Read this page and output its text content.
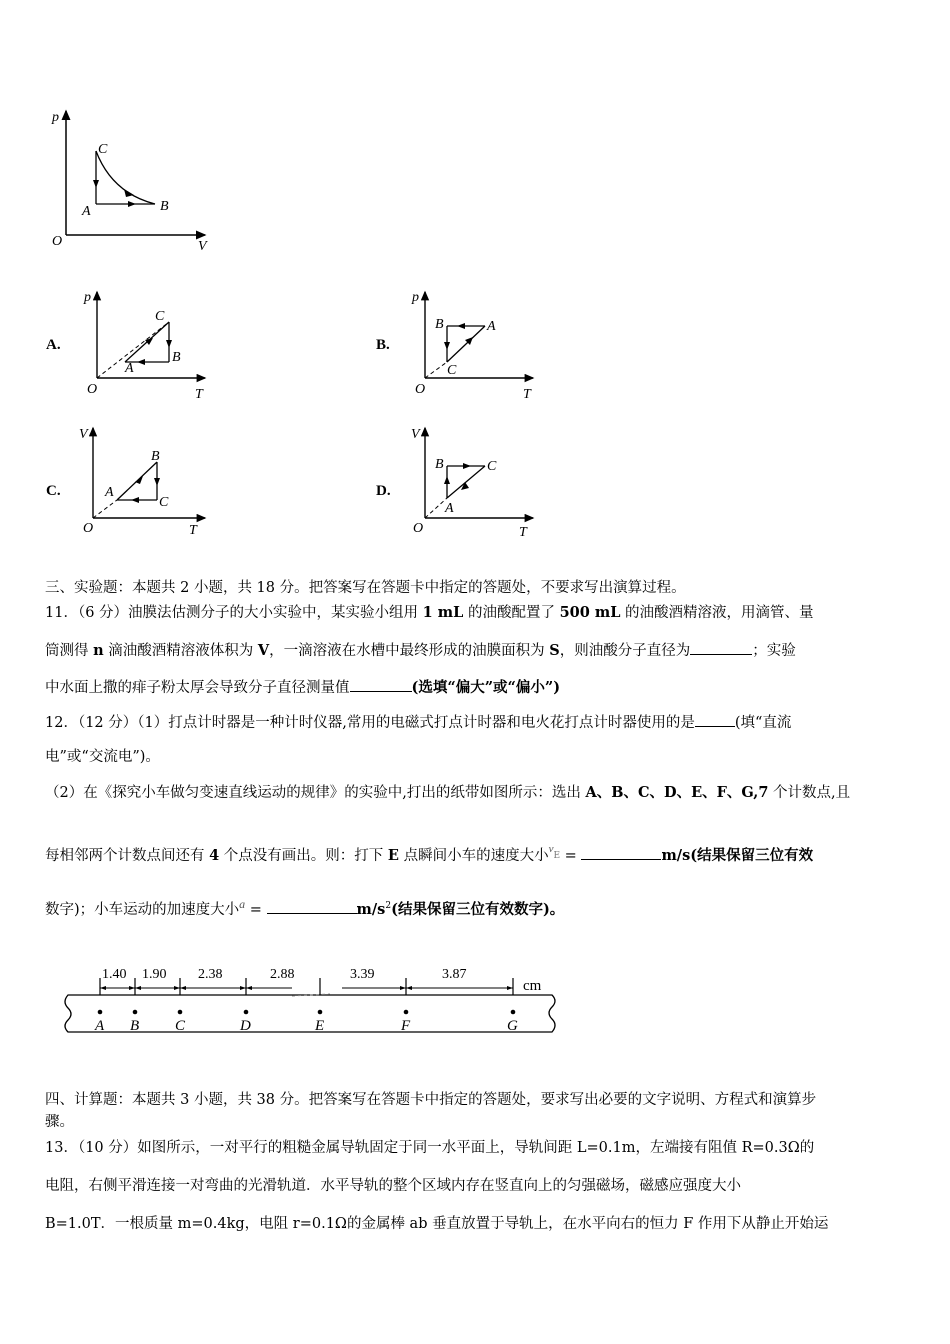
p
V
O
A	B
C
A.
p
T
O
C
B
A
B.
p
T
O
B	A
C
C.
V
T
O
B
A
C
D.
V
T
O
B	C
A
三、实验题：本题共 2 小题，共 18 分。把答案写在答题卡中指定的答题处，不要求写出演算过程。
11．（6 分）油膜法估测分子的大小实验中，某实验小组用 1 mL 的油酸配置了 500 mL 的油酸酒精溶液，用滴管、量
筒测得 n 滴油酸酒精溶液体积为 V，一滴溶液在水槽中最终形成的油膜面积为 S，则油酸分子直径为	；实验
中水面上撒的痱子粉太厚会导致分子直径测量值	(选填“偏大”或“偏小”)
12．（12 分）（1）打点计时器是一种计时仪器,常用的电磁式打点计时器和电火花打点计时器使用的是	(填“直流
电”或“交流电”)。
（2）在《探究小车做匀变速直线运动的规律》的实验中,打出的纸带如图所示：选出 A、B、C、D、E、F、G,7 个计数点,且
每相邻两个计数点间还有 4 个点没有画出。则：打下 E 点瞬间小车的速度大小$^v$E =	m/s(结果保留三位有效
数字)；小车运动的加速度大小$^a$ =	$m/s^2$(结果保留三位有效数字)。
1.40 1.90 2.38	2.88	3.39	3.87
cm
A B C	D	E	F	G
四、计算题：本题共 3 小题，共 38 分。把答案写在答题卡中指定的答题处，要求写出必要的文字说明、方程式和演算步
骤。
13．（10 分）如图所示，一对平行的粗糙金属导轨固定于同一水平面上，导轨间距 L=0.1m，左端接有阻值 R=0.3Ω的
电阻，右侧平滑连接一对弯曲的光滑轨道．水平导轨的整个区域内存在竖直向上的匀强磁场，磁感应强度大小
B=1.0T．一根质量 m=0.4kg，电阻 r=0.1Ω的金属棒 ab 垂直放置于导轨上，在水平向右的恒力 F 作用下从静止开始运
